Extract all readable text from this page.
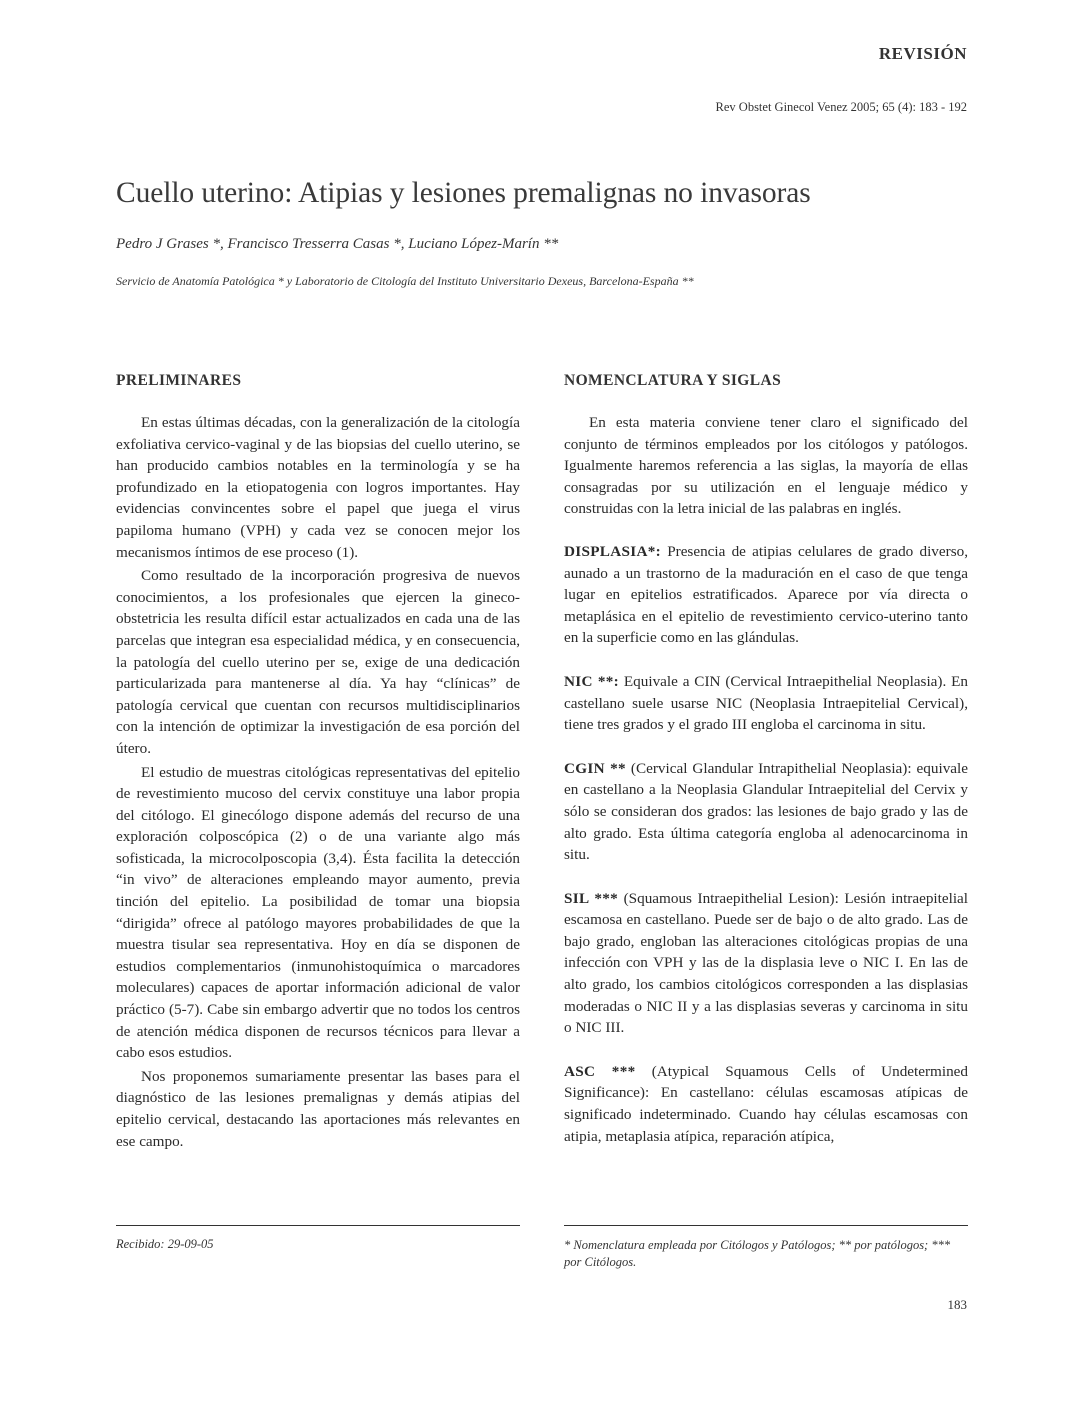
REVISIÓN
Rev Obstet Ginecol Venez 2005; 65 (4): 183 - 192
Cuello uterino: Atipias y lesiones premalignas no invasoras
Pedro J Grases *, Francisco Tresserra Casas *, Luciano López-Marín **
Servicio de Anatomía Patológica * y Laboratorio de Citología del Instituto Universitario Dexeus, Barcelona-España **
PRELIMINARES

En estas últimas décadas, con la generalización de la citología exfoliativa cervico-vaginal y de las biopsias del cuello uterino, se han producido cambios notables en la terminología y se ha profundizado en la etiopatogenia con logros importantes. Hay evidencias convincentes sobre el papel que juega el virus papiloma humano (VPH) y cada vez se conocen mejor los mecanismos íntimos de ese proceso (1).

Como resultado de la incorporación progresiva de nuevos conocimientos, a los profesionales que ejercen la gineco-obstetricia les resulta difícil estar actualizados en cada una de las parcelas que integran esa especialidad médica, y en consecuencia, la patología del cuello uterino per se, exige de una dedicación particularizada para mantenerse al día. Ya hay “clínicas” de patología cervical que cuentan con recursos multidisciplinarios con la intención de optimizar la investigación de esa porción del útero.

El estudio de muestras citológicas representativas del epitelio de revestimiento mucoso del cervix constituye una labor propia del citólogo. El ginecólogo dispone además del recurso de una exploración colposcópica (2) o de una variante algo más sofisticada, la microcolposcopia (3,4). Ésta facilita la detección “in vivo” de alteraciones empleando mayor aumento, previa tinción del epitelio. La posibilidad de tomar una biopsia “dirigida” ofrece al patólogo mayores probabilidades de que la muestra tisular sea representativa. Hoy en día se disponen de estudios complementarios (inmunohistoquímica o marcadores moleculares) capaces de aportar información adicional de valor práctico (5-7). Cabe sin embargo advertir que no todos los centros de atención médica disponen de recursos técnicos para llevar a cabo esos estudios.

Nos proponemos sumariamente presentar las bases para el diagnóstico de las lesiones premalignas y demás atipias del epitelio cervical, destacando las aportaciones más relevantes en ese campo.

NOMENCLATURA Y SIGLAS

En esta materia conviene tener claro el significado del conjunto de términos empleados por los citólogos y patólogos. Igualmente haremos referencia a las siglas, la mayoría de ellas consagradas por su utilización en el lenguaje médico y construidas con la letra inicial de las palabras en inglés.

DISPLASIA*: Presencia de atipias celulares de grado diverso, aunado a un trastorno de la maduración en el caso de que tenga lugar en epitelios estratificados. Aparece por vía directa o metaplásica en el epitelio de revestimiento cervico-uterino tanto en la superficie como en las glándulas.

NIC **: Equivale a CIN (Cervical Intraepithelial Neoplasia). En castellano suele usarse NIC (Neoplasia Intraepitelial Cervical), tiene tres grados y el grado III engloba el carcinoma in situ.

CGIN ** (Cervical Glandular Intrapithelial Neoplasia): equivale en castellano a la Neoplasia Glandular Intraepitelial del Cervix y sólo se consideran dos grados: las lesiones de bajo grado y las de alto grado. Esta última categoría engloba al adenocarcinoma in situ.

SIL *** (Squamous Intraepithelial Lesion): Lesión intraepitelial escamosa en castellano. Puede ser de bajo o de alto grado. Las de bajo grado, engloban las alteraciones citológicas propias de una infección con VPH y las de la displasia leve o NIC I. En las de alto grado, los cambios citológicos corresponden a las displasias moderadas o NIC II y a las displasias severas y carcinoma in situ o NIC III.

ASC *** (Atypical Squamous Cells of Undetermined Significance): En castellano: células escamosas atípicas de significado indeterminado. Cuando hay células escamosas con atipia, metaplasia atípica, reparación atípica,

Recibido: 29-09-05	* Nomenclatura empleada por Citólogos y Patólogos; ** por patólogos; *** por Citólogos.
183
